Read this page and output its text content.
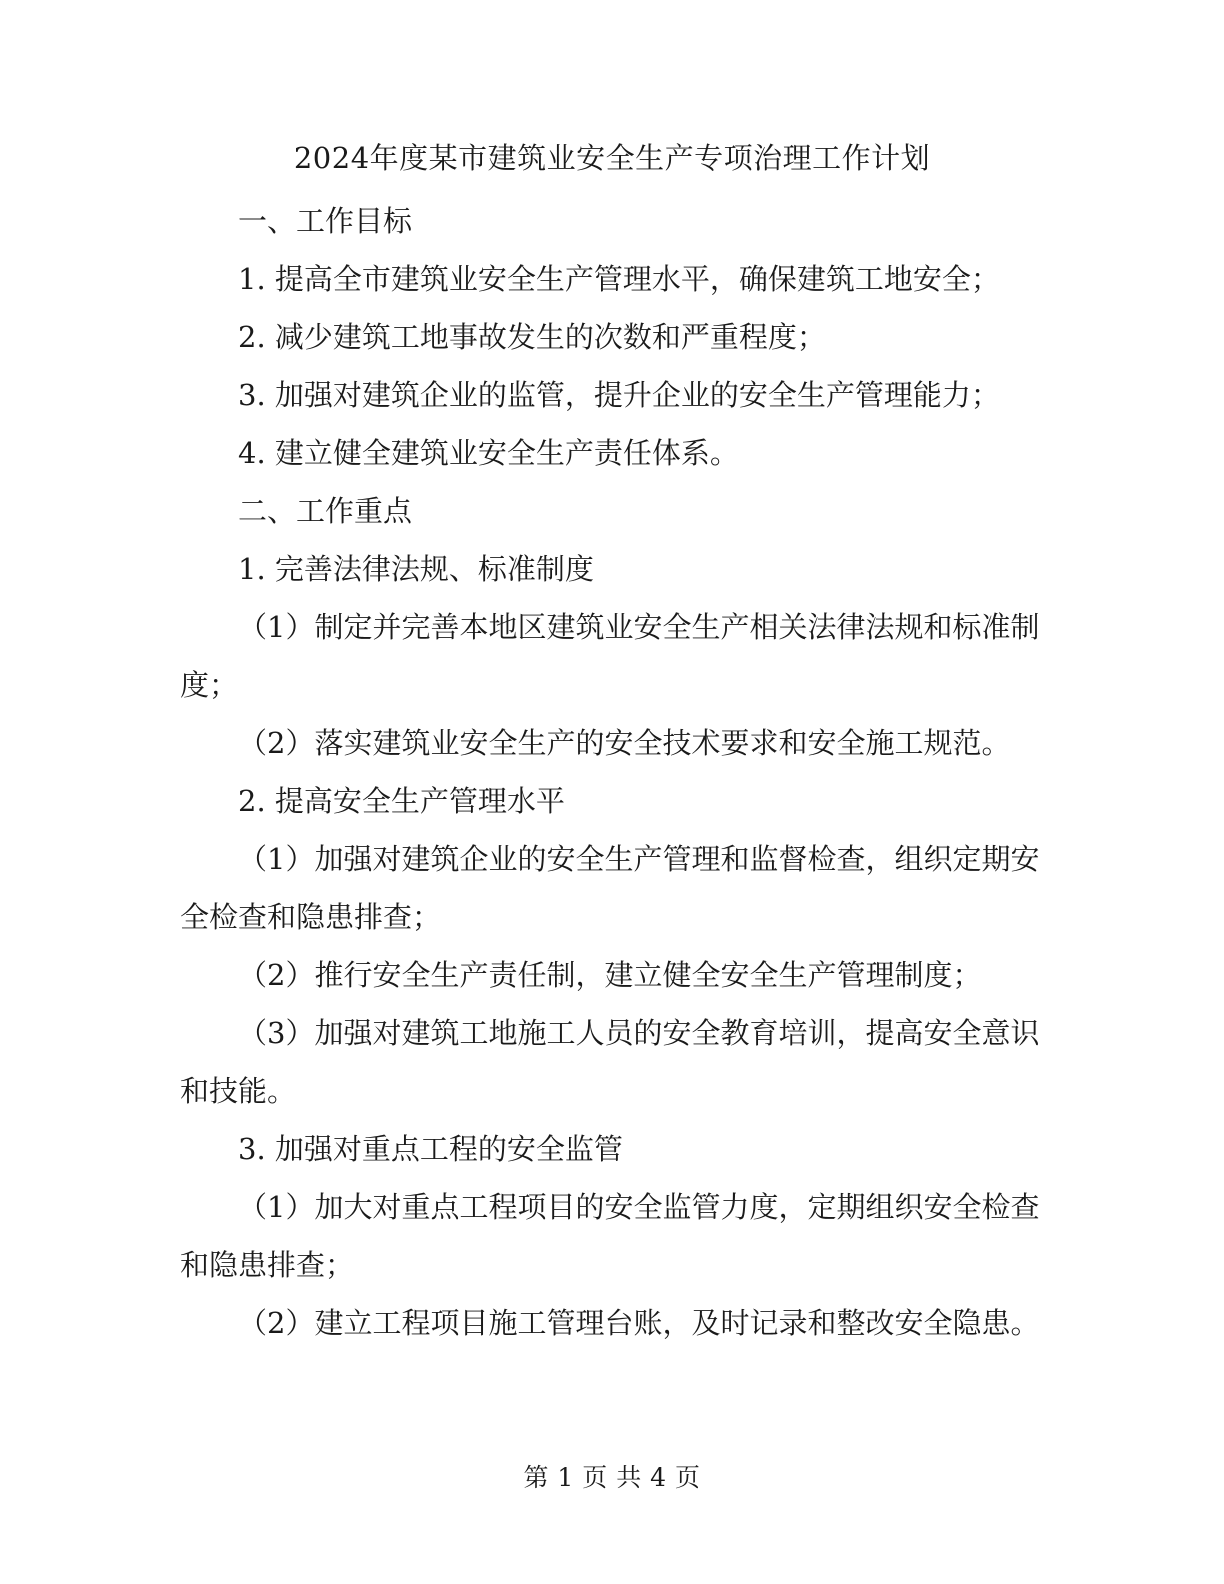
2024年度某市建筑业安全生产专项治理工作计划

一、工作目标

1. 提高全市建筑业安全生产管理水平，确保建筑工地安全；

2. 减少建筑工地事故发生的次数和严重程度；

3. 加强对建筑企业的监管，提升企业的安全生产管理能力；

4. 建立健全建筑业安全生产责任体系。

二、工作重点

1. 完善法律法规、标准制度

（1）制定并完善本地区建筑业安全生产相关法律法规和标准制度；

（2）落实建筑业安全生产的安全技术要求和安全施工规范。

2. 提高安全生产管理水平

（1）加强对建筑企业的安全生产管理和监督检查，组织定期安全检查和隐患排查；

（2）推行安全生产责任制，建立健全安全生产管理制度；

（3）加强对建筑工地施工人员的安全教育培训，提高安全意识和技能。

3. 加强对重点工程的安全监管

（1）加大对重点工程项目的安全监管力度，定期组织安全检查和隐患排查；

（2）建立工程项目施工管理台账，及时记录和整改安全隐患。

第 1 页 共 4 页
